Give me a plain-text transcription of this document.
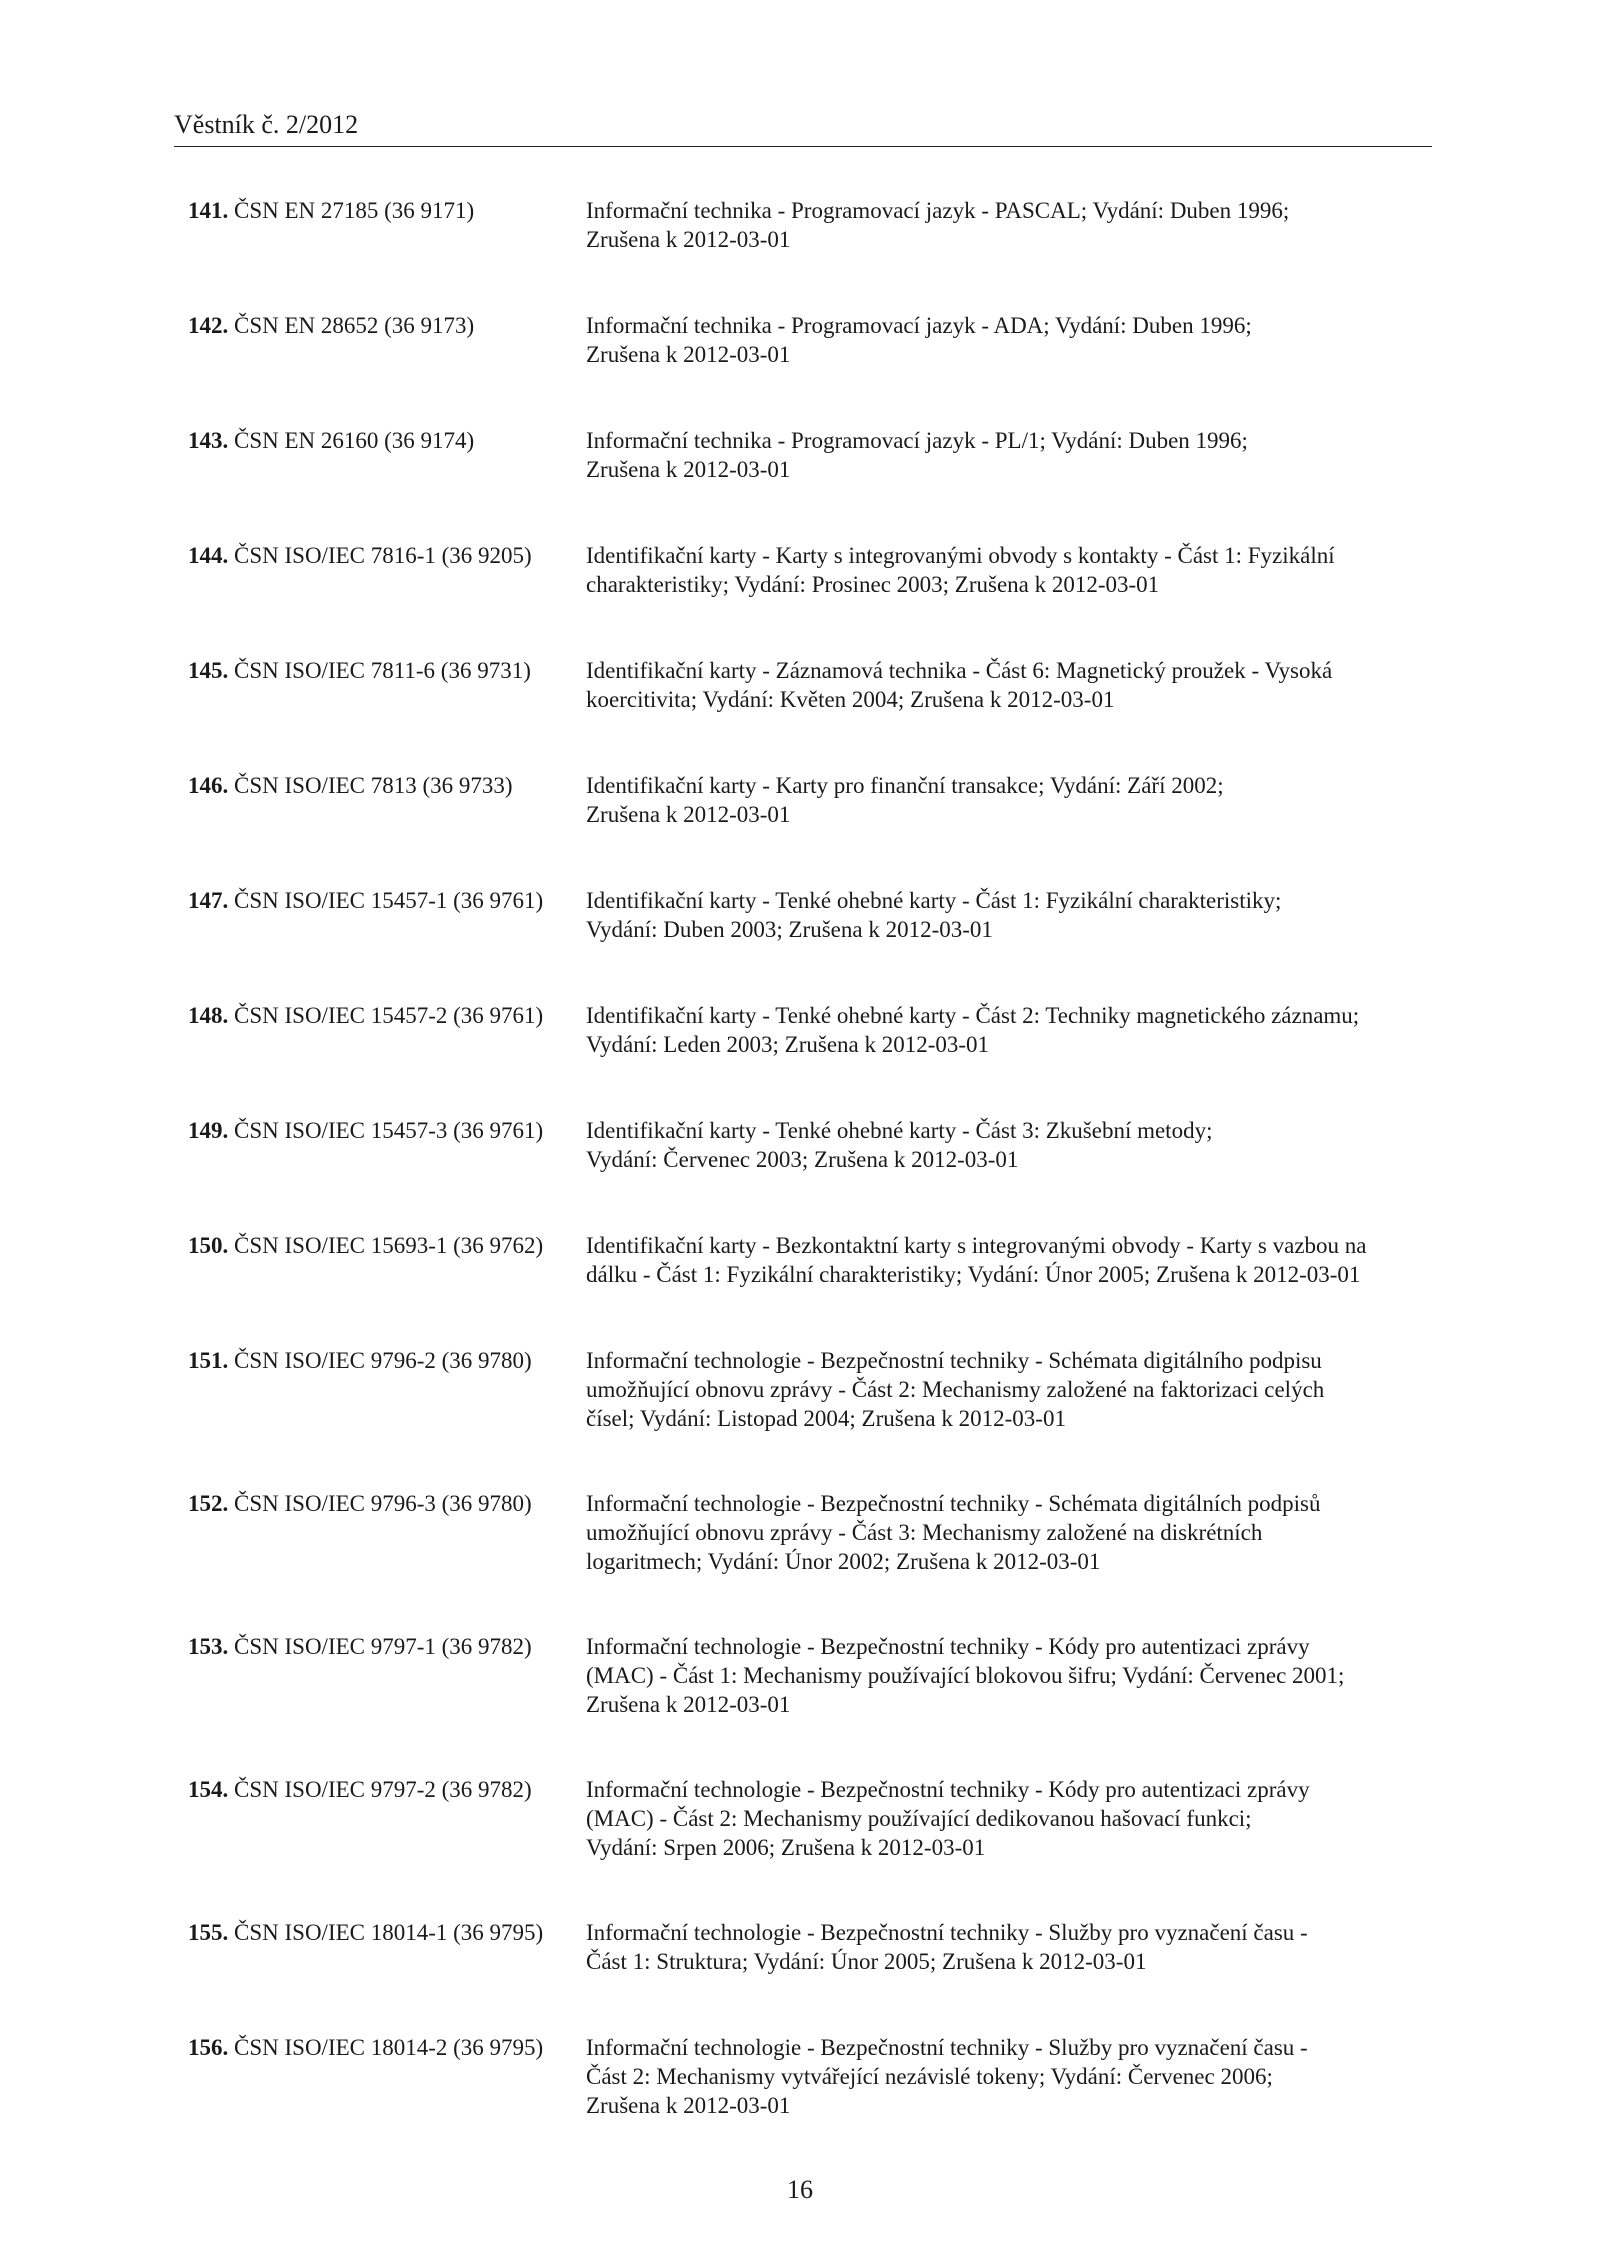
Věstník č. 2/2012
141. ČSN EN 27185 (36 9171)	Informační technika - Programovací jazyk - PASCAL; Vydání: Duben 1996;
Zrušena k 2012-03-01
142. ČSN EN 28652 (36 9173)	Informační technika - Programovací jazyk - ADA; Vydání: Duben 1996;
Zrušena k 2012-03-01
143. ČSN EN 26160 (36 9174)	Informační technika - Programovací jazyk - PL/1; Vydání: Duben 1996;
Zrušena k 2012-03-01
144. ČSN ISO/IEC 7816-1 (36 9205)	Identifikační karty - Karty s integrovanými obvody s kontakty - Část 1: Fyzikální
charakteristiky; Vydání: Prosinec 2003; Zrušena k 2012-03-01
145. ČSN ISO/IEC 7811-6 (36 9731)	Identifikační karty - Záznamová technika - Část 6: Magnetický proužek - Vysoká
koercitivita; Vydání: Květen 2004; Zrušena k 2012-03-01
146. ČSN ISO/IEC 7813 (36 9733)	Identifikační karty - Karty pro finanční transakce; Vydání: Září 2002;
Zrušena k 2012-03-01
147. ČSN ISO/IEC 15457-1 (36 9761)	Identifikační karty - Tenké ohebné karty - Část 1: Fyzikální charakteristiky;
Vydání: Duben 2003; Zrušena k 2012-03-01
148. ČSN ISO/IEC 15457-2 (36 9761)	Identifikační karty - Tenké ohebné karty - Část 2: Techniky magnetického záznamu;
Vydání: Leden 2003; Zrušena k 2012-03-01
149. ČSN ISO/IEC 15457-3 (36 9761)	Identifikační karty - Tenké ohebné karty - Část 3: Zkušební metody;
Vydání: Červenec 2003; Zrušena k 2012-03-01
150. ČSN ISO/IEC 15693-1 (36 9762)	Identifikační karty - Bezkontaktní karty s integrovanými obvody - Karty s vazbou na
dálku - Část 1: Fyzikální charakteristiky; Vydání: Únor 2005; Zrušena k 2012-03-01
151. ČSN ISO/IEC 9796-2 (36 9780)	Informační technologie - Bezpečnostní techniky - Schémata digitálního podpisu
umožňující obnovu zprávy - Část 2: Mechanismy založené na faktorizaci celých
čísel; Vydání: Listopad 2004; Zrušena k 2012-03-01
152. ČSN ISO/IEC 9796-3 (36 9780)	Informační technologie - Bezpečnostní techniky - Schémata digitálních podpisů
umožňující obnovu zprávy - Část 3: Mechanismy založené na diskrétních
logaritmech; Vydání: Únor 2002; Zrušena k 2012-03-01
153. ČSN ISO/IEC 9797-1 (36 9782)	Informační technologie - Bezpečnostní techniky - Kódy pro autentizaci zprávy
(MAC) - Část 1: Mechanismy používající blokovou šifru; Vydání: Červenec 2001;
Zrušena k 2012-03-01
154. ČSN ISO/IEC 9797-2 (36 9782)	Informační technologie - Bezpečnostní techniky - Kódy pro autentizaci zprávy
(MAC) - Část 2: Mechanismy používající dedikovanou hašovací funkci;
Vydání: Srpen 2006; Zrušena k 2012-03-01
155. ČSN ISO/IEC 18014-1 (36 9795)	Informační technologie - Bezpečnostní techniky - Služby pro vyznačení času -
Část 1: Struktura; Vydání: Únor 2005; Zrušena k 2012-03-01
156. ČSN ISO/IEC 18014-2 (36 9795)	Informační technologie - Bezpečnostní techniky - Služby pro vyznačení času -
Část 2: Mechanismy vytvářející nezávislé tokeny; Vydání: Červenec 2006;
Zrušena k 2012-03-01
16
